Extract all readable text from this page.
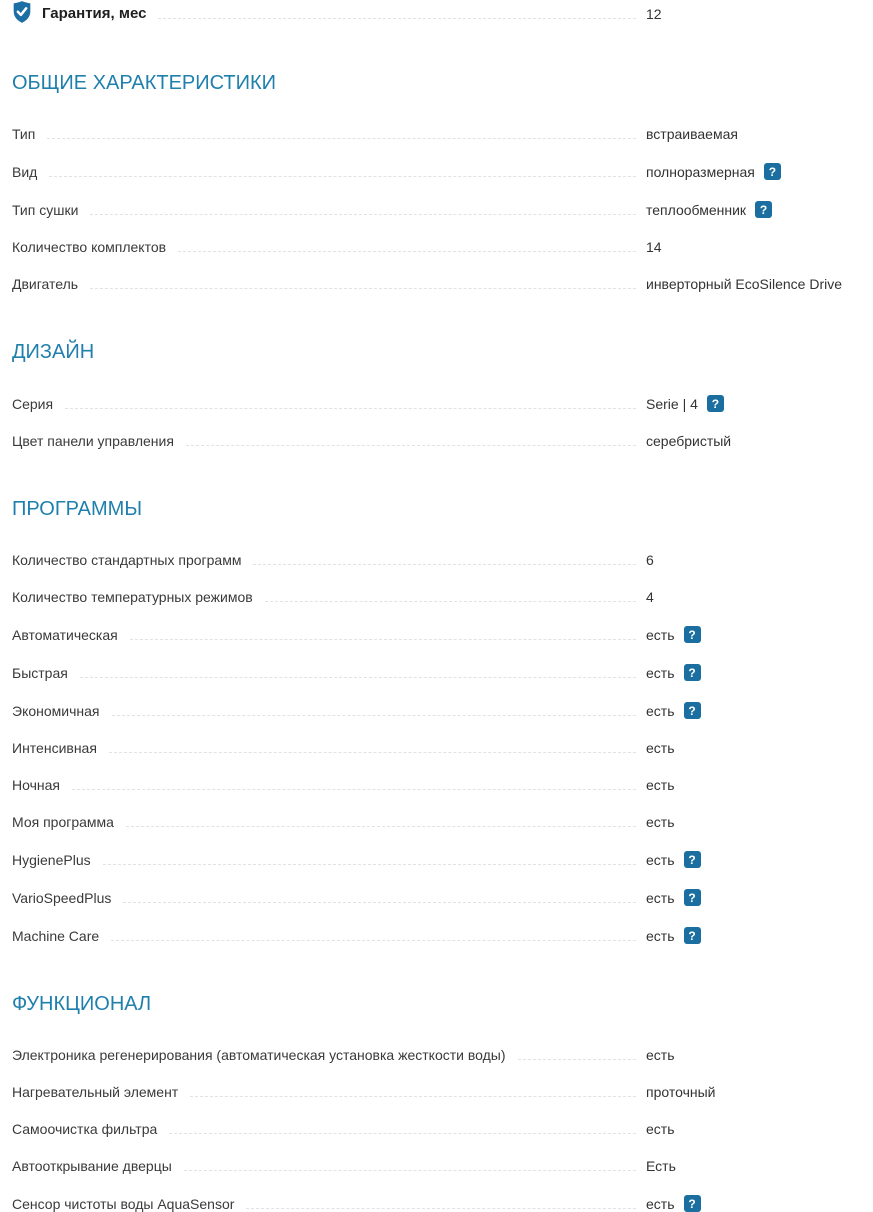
Гарантия, мес	12
ОБЩИЕ ХАРАКТЕРИСТИКИ
Тип	встраиваемая
Вид	полноразмерная	?
Тип сушки	теплообменник	?
Количество комплектов	14
Двигатель	инверторный EcoSilence Drive
ДИЗАЙН
Серия	Serie | 4	?
Цвет панели управления	серебристый
ПРОГРАММЫ
Количество стандартных программ	6
Количество температурных режимов	4
Автоматическая	есть	?
Быстрая	есть	?
Экономичная	есть	?
Интенсивная	есть
Ночная	есть
Моя программа	есть
HygienePlus	есть	?
VarioSpeedPlus	есть	?
Machine Care	есть	?
ФУНКЦИОНАЛ
Электроника регенерирования (автоматическая установка жесткости воды)	есть
Нагревательный элемент	проточный
Самоочистка фильтра	есть
Автооткрывание дверцы	Есть
Сенсор чистоты воды AquaSensor	есть	?
